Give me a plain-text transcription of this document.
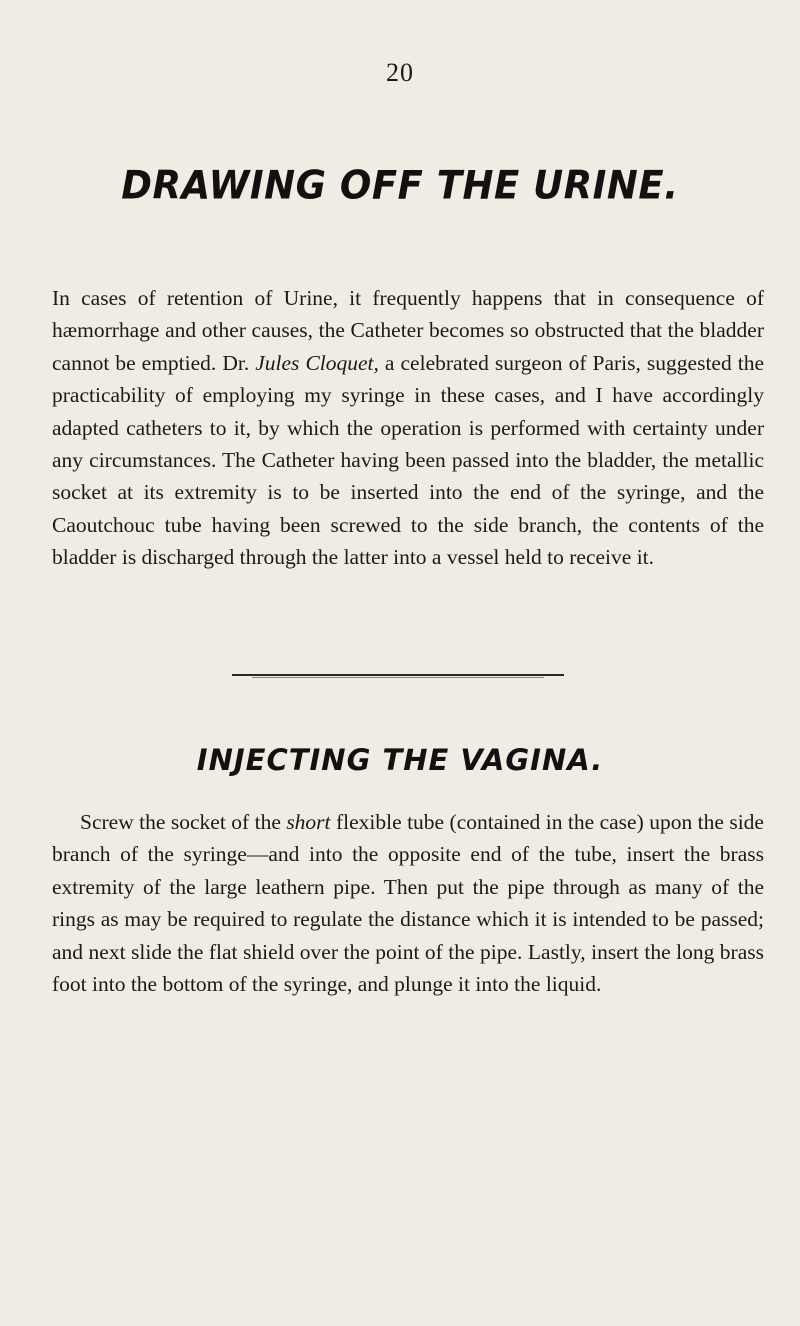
20
DRAWING OFF THE URINE.

In cases of retention of Urine, it frequently happens that in consequence of hæmorrhage and other causes, the Catheter becomes so obstructed that the bladder cannot be emptied. Dr. Jules Cloquet, a celebrated surgeon of Paris, suggested the practicability of employing my syringe in these cases, and I have accordingly adapted catheters to it, by which the operation is performed with certainty under any circumstances. The Catheter having been passed into the bladder, the metallic socket at its extremity is to be inserted into the end of the syringe, and the Caoutchouc tube having been screwed to the side branch, the contents of the bladder is discharged through the latter into a vessel held to receive it.

INJECTING THE VAGINA.

Screw the socket of the short flexible tube (contained in the case) upon the side branch of the syringe—and into the opposite end of the tube, insert the brass extremity of the large leathern pipe. Then put the pipe through as many of the rings as may be required to regulate the distance which it is intended to be passed; and next slide the flat shield over the point of the pipe. Lastly, insert the long brass foot into the bottom of the syringe, and plunge it into the liquid.
